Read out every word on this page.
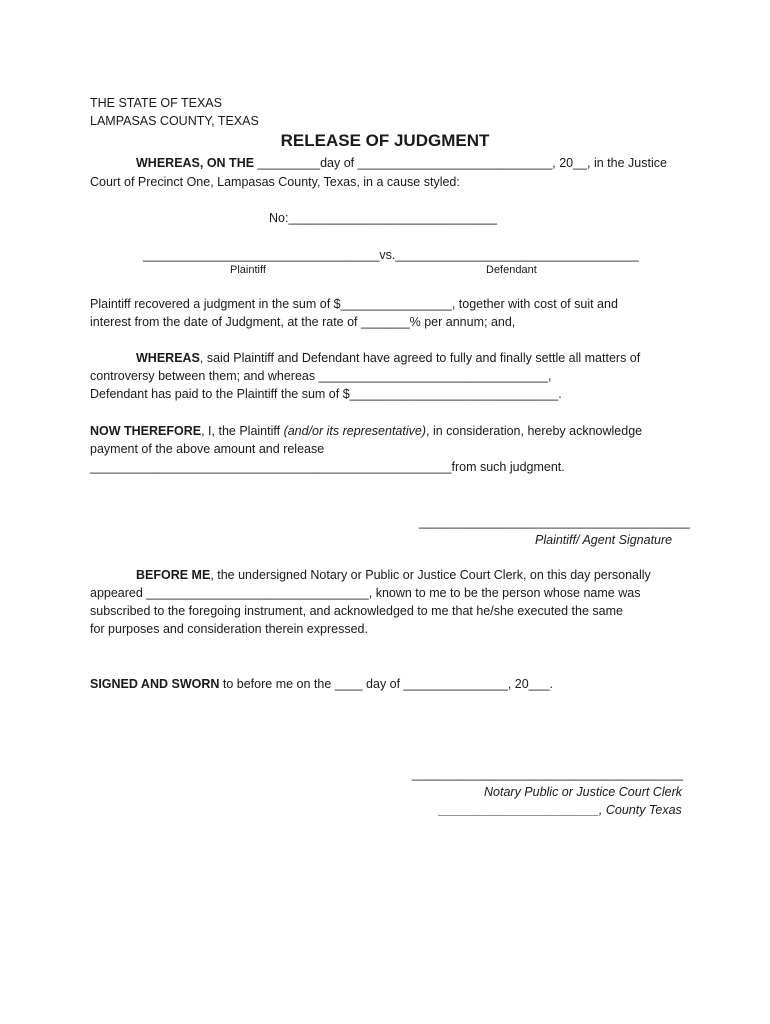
THE STATE OF TEXAS
LAMPASAS COUNTY, TEXAS
RELEASE OF JUDGMENT
WHEREAS, ON THE _________day of ____________________________, 20__, in the Justice
Court of Precinct One, Lampasas County, Texas, in a cause styled:
No:______________________________
__________________________________vs.___________________________________
Plaintiff	Defendant
Plaintiff recovered a judgment in the sum of $________________, together with cost of suit and
interest from the date of Judgment, at the rate of _______% per annum; and,
WHEREAS, said Plaintiff and Defendant have agreed to fully and finally settle all matters of
controversy between them; and whereas _________________________________,
Defendant has paid to the Plaintiff the sum of $______________________________.
NOW THEREFORE, I, the Plaintiff (and/or its representative), in consideration, hereby acknowledge
payment of the above amount and release
____________________________________________________from such judgment.
_______________________________________
Plaintiff/ Agent Signature
BEFORE ME, the undersigned Notary or Public or Justice Court Clerk, on this day personally
appeared ________________________________, known to me to be the person whose name was
subscribed to the foregoing instrument, and acknowledged to me that he/she executed the same
for purposes and consideration therein expressed.
SIGNED AND SWORN to before me on the ____ day of _______________, 20___.
_______________________________________
Notary Public or Justice Court Clerk
_______________________, County Texas
